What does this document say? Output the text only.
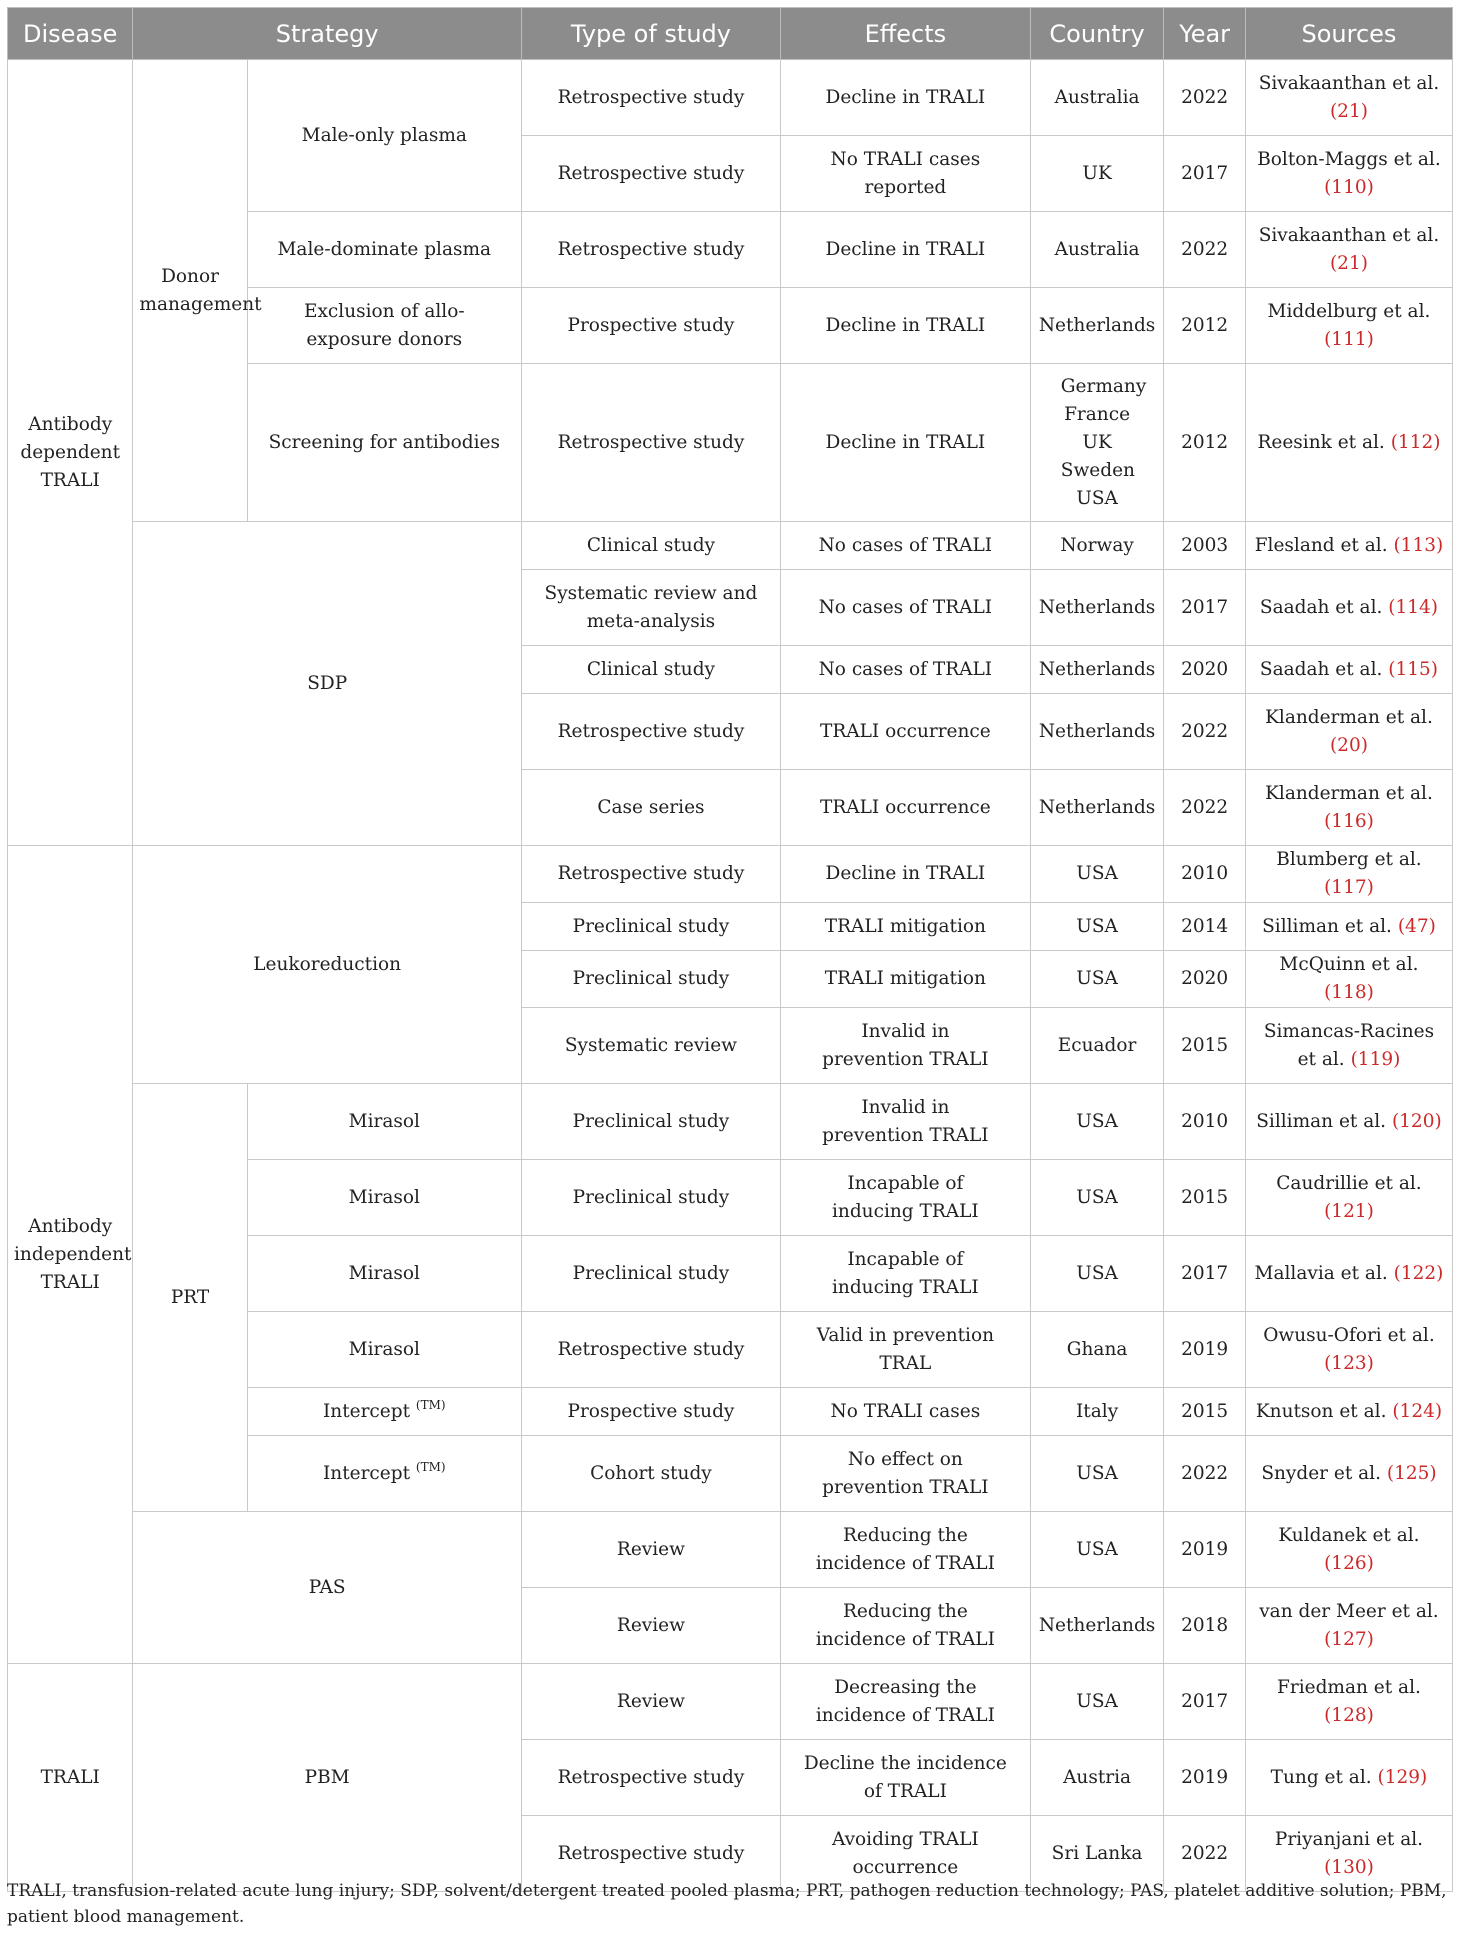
Disease	Strategy		Type of study	Effects	Country	Year	Sources
Antibody dependent TRALI	Donor management	Male-only plasma	Retrospective study	Decline in TRALI	Australia	2022	Sivakaanthan et al. (21)
			Retrospective study	No TRALI cases reported	UK	2017	Bolton-Maggs et al. (110)
		Male-dominate plasma	Retrospective study	Decline in TRALI	Australia	2022	Sivakaanthan et al. (21)
		Exclusion of allo-exposure donors	Prospective study	Decline in TRALI	Netherlands	2012	Middelburg et al. (111)
		Screening for antibodies	Retrospective study	Decline in TRALI	Germany France UK Sweden USA	2012	Reesink et al. (112)
	SDP		Clinical study	No cases of TRALI	Norway	2003	Flesland et al. (113)
			Systematic review and meta-analysis	No cases of TRALI	Netherlands	2017	Saadah et al. (114)
			Clinical study	No cases of TRALI	Netherlands	2020	Saadah et al. (115)
			Retrospective study	TRALI occurrence	Netherlands	2022	Klanderman et al. (20)
			Case series	TRALI occurrence	Netherlands	2022	Klanderman et al. (116)
Antibody independent TRALI	Leukoreduction		Retrospective study	Decline in TRALI	USA	2010	Blumberg et al. (117)
			Preclinical study	TRALI mitigation	USA	2014	Silliman et al. (47)
			Preclinical study	TRALI mitigation	USA	2020	McQuinn et al. (118)
			Systematic review	Invalid in prevention TRALI	Ecuador	2015	Simancas-Racines et al. (119)
	PRT	Mirasol	Preclinical study	Invalid in prevention TRALI	USA	2010	Silliman et al. (120)
		Mirasol	Preclinical study	Incapable of inducing TRALI	USA	2015	Caudrillie et al. (121)
		Mirasol	Preclinical study	Incapable of inducing TRALI	USA	2017	Mallavia et al. (122)
		Mirasol	Retrospective study	Valid in prevention TRAL	Ghana	2019	Owusu-Ofori et al. (123)
		Intercept $^{(TM)}$	Prospective study	No TRALI cases	Italy	2015	Knutson et al. (124)
		Intercept $^{(TM)}$	Cohort study	No effect on prevention TRALI	USA	2022	Snyder et al. (125)
	PAS		Review	Reducing the incidence of TRALI	USA	2019	Kuldanek et al. (126)
			Review	Reducing the incidence of TRALI	Netherlands	2018	van der Meer et al. (127)
TRALI	PBM		Review	Decreasing the incidence of TRALI	USA	2017	Friedman et al. (128)
			Retrospective study	Decline the incidence of TRALI	Austria	2019	Tung et al. (129)
			Retrospective study	Avoiding TRALI occurrence	Sri Lanka	2022	Priyanjani et al. (130)
TRALI, transfusion-related acute lung injury; SDP, solvent/detergent treated pooled plasma; PRT, pathogen reduction technology; PAS, platelet additive solution; PBM, patient blood management.
